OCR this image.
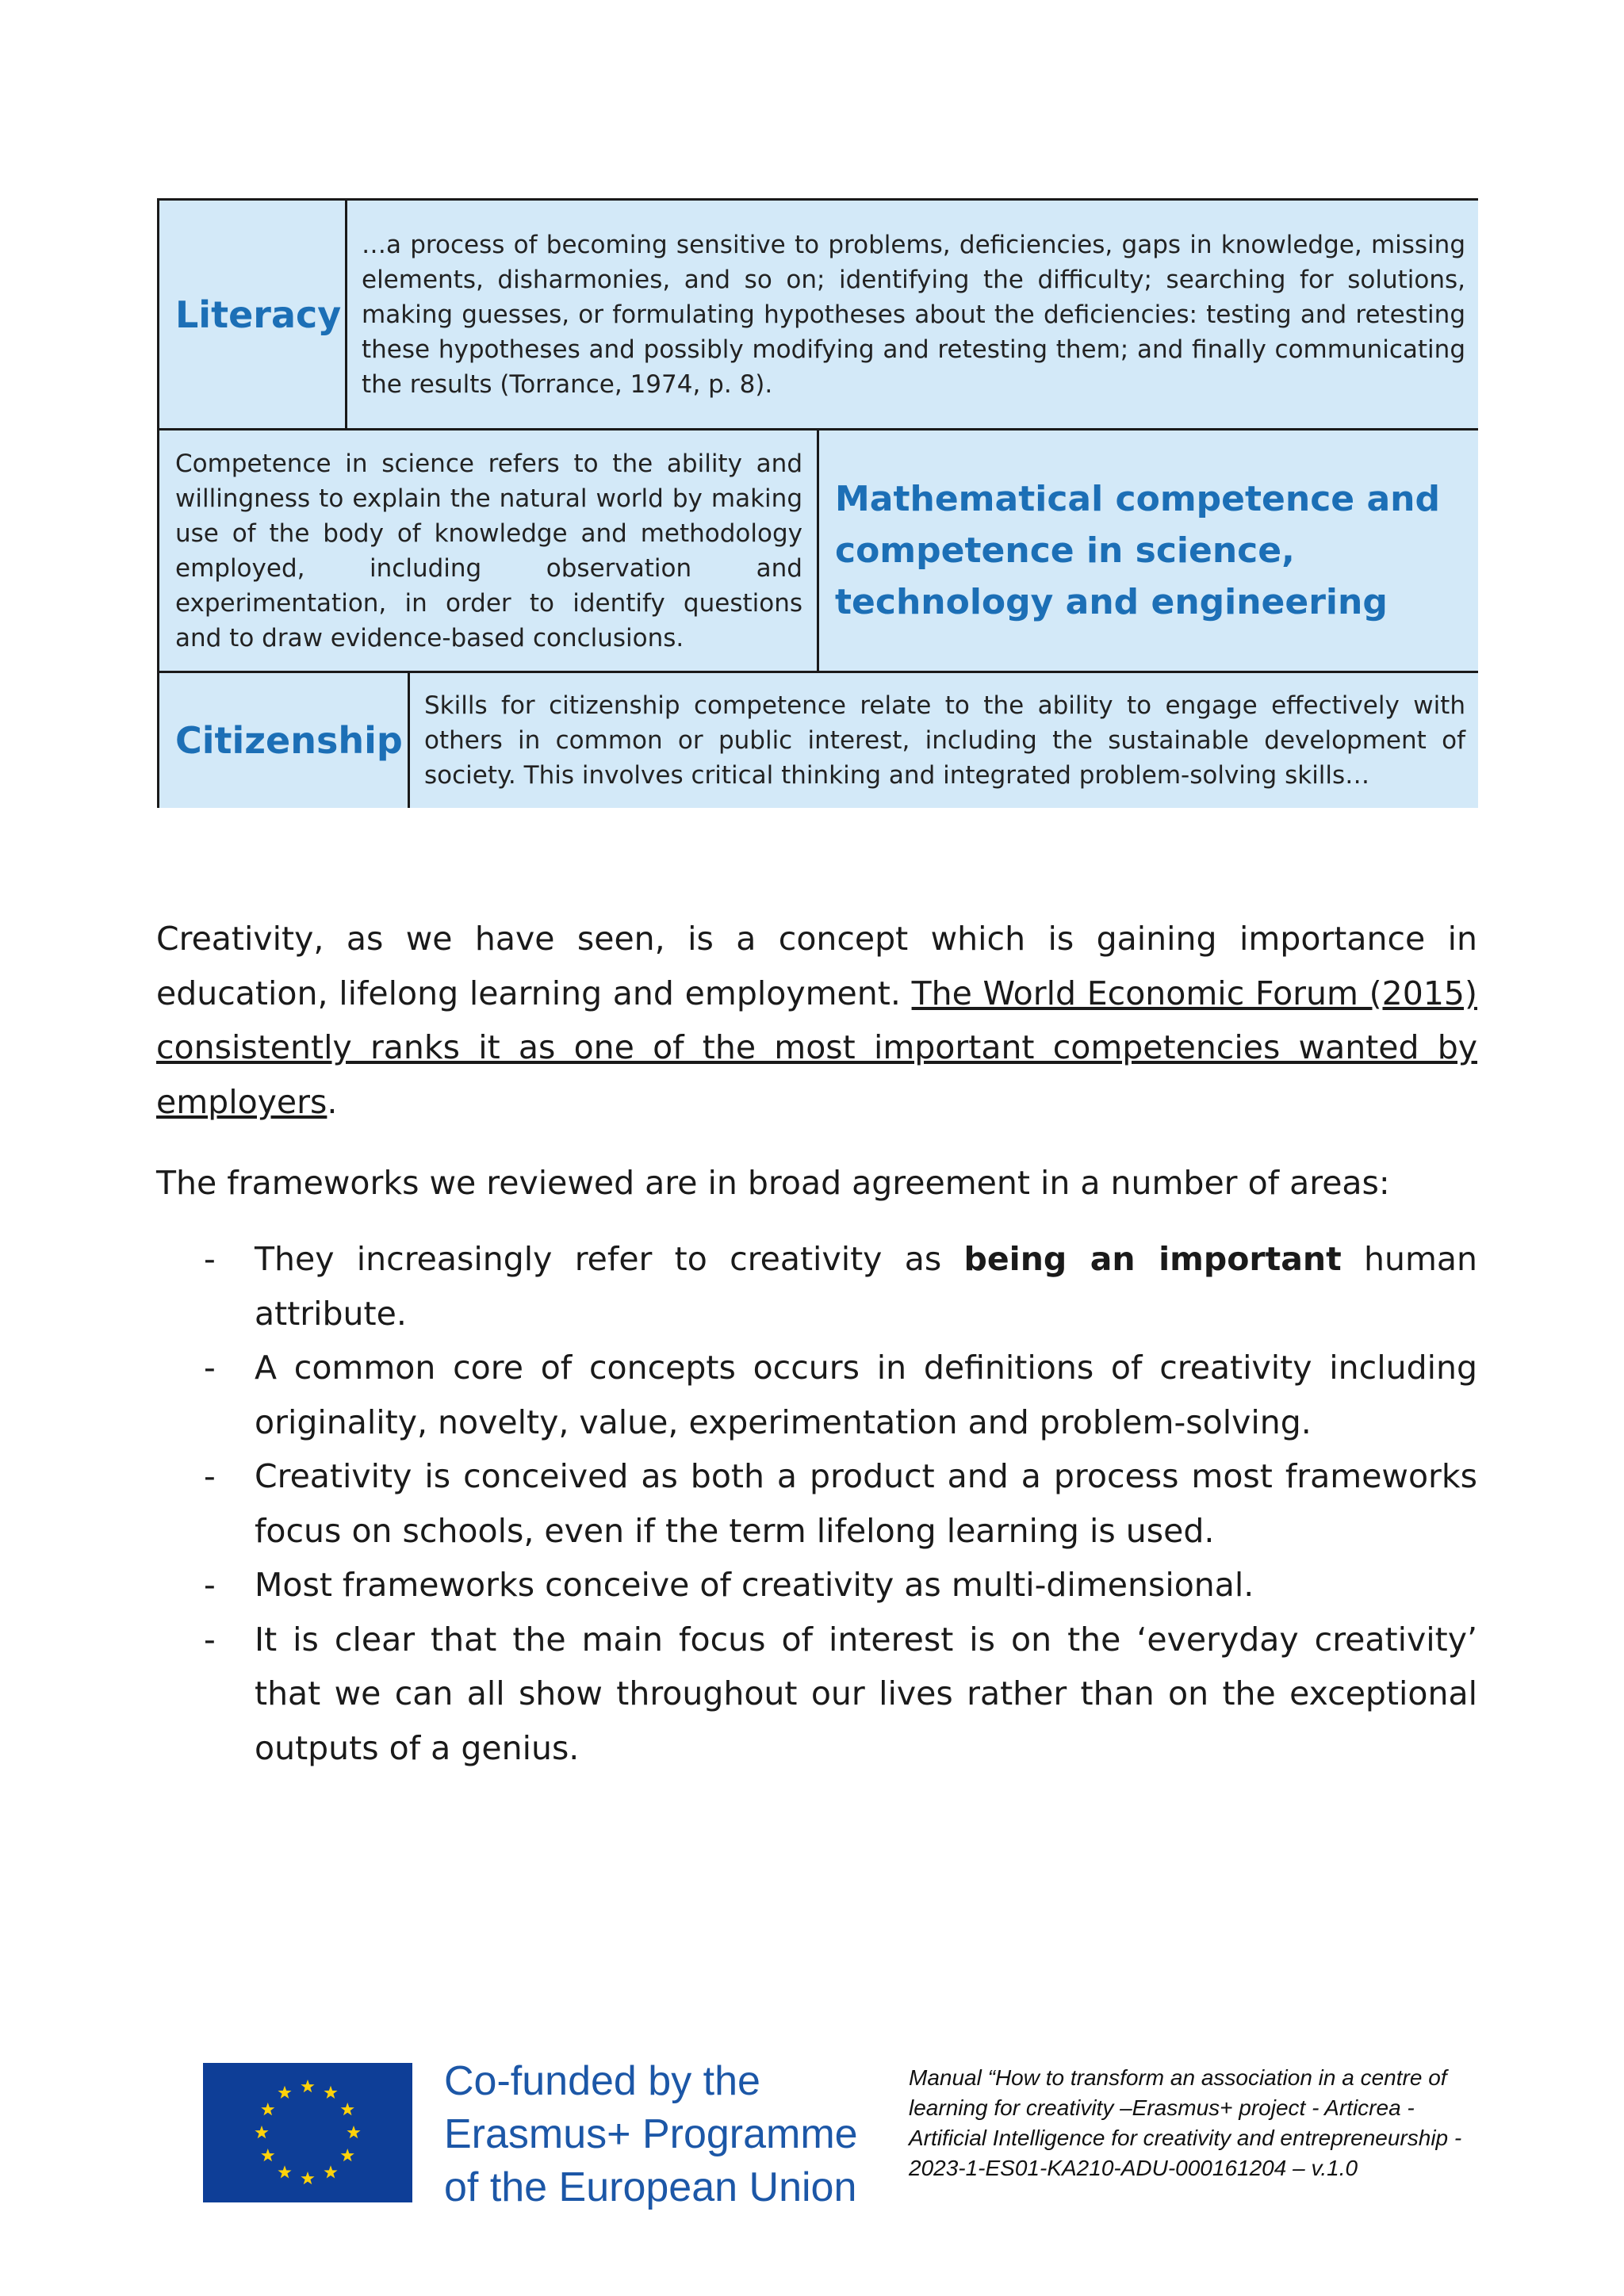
Literacy
…a process of becoming sensitive to problems, deficiencies, gaps in knowledge, missing elements, disharmonies, and so on; identifying the difficulty; searching for solutions, making guesses, or formulating hypotheses about the deficiencies: testing and retesting these hypotheses and possibly modifying and retesting them; and finally communicating the results (Torrance, 1974, p. 8).
Competence in science refers to the ability and willingness to explain the natural world by making use of the body of knowledge and methodology employed, including observation and experimentation, in order to identify questions and to draw evidence-based conclusions.
Mathematical competence and competence in science, technology and engineering
Citizenship
Skills for citizenship competence relate to the ability to engage effectively with others in common or public interest, including the sustainable development of society. This involves critical thinking and integrated problem-solving skills…

Creativity, as we have seen, is a concept which is gaining importance in education, lifelong learning and employment. The World Economic Forum (2015) consistently ranks it as one of the most important competencies wanted by employers.

The frameworks we reviewed are in broad agreement in a number of areas:

- They increasingly refer to creativity as being an important human attribute.
- A common core of concepts occurs in definitions of creativity including originality, novelty, value, experimentation and problem-solving.
- Creativity is conceived as both a product and a process most frameworks focus on schools, even if the term lifelong learning is used.
- Most frameworks conceive of creativity as multi-dimensional.
- It is clear that the main focus of interest is on the ‘everyday creativity’ that we can all show throughout our lives rather than on the exceptional outputs of a genius.
Co-funded by the
Erasmus+ Programme
of the European Union
Manual “How to transform an association in a centre of learning for creativity –Erasmus+ project - Articrea - Artificial Intelligence for creativity and entrepreneurship - 2023-1-ES01-KA210-ADU-000161204 – v.1.0
